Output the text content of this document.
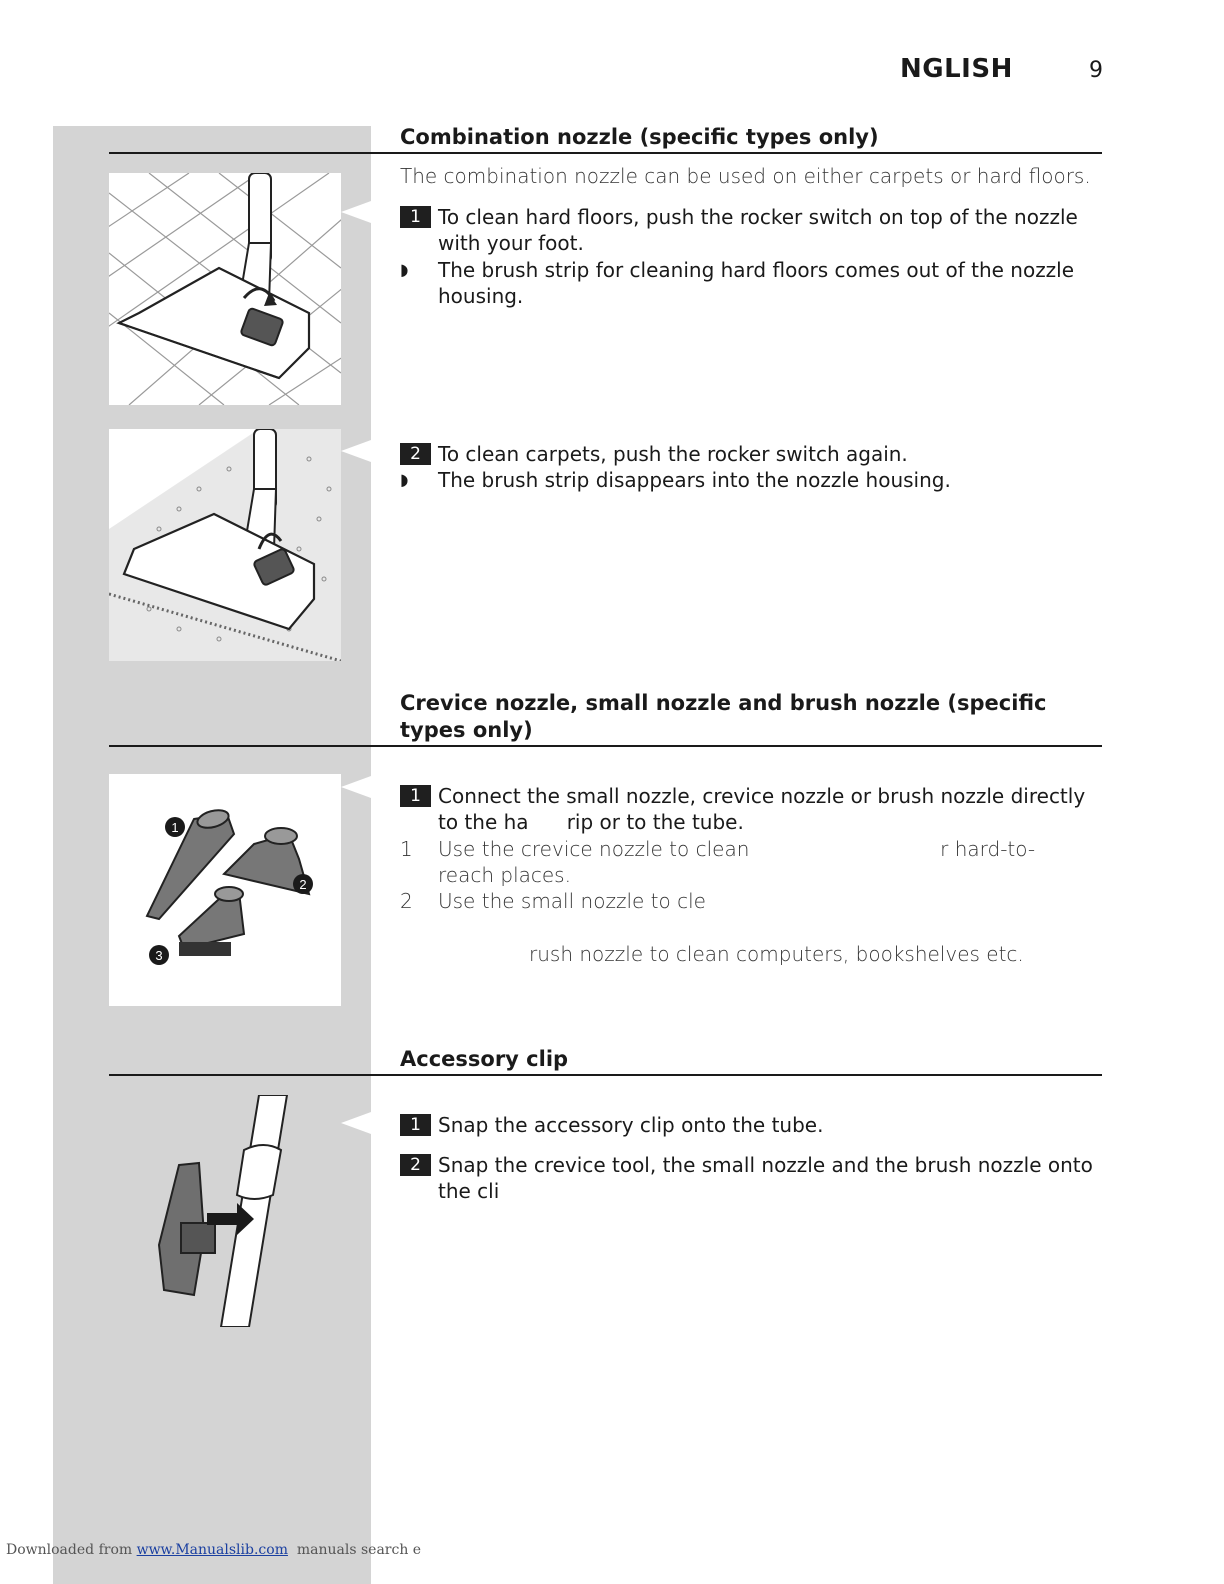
NGLISH	9
Combination nozzle (specific types only)
The combination nozzle can be used on either carpets or hard floors.
1 To clean hard floors, push the rocker switch on top of the nozzle with your foot.
◗	The brush strip for cleaning hard floors comes out of the nozzle housing.
2 To clean carpets, push the rocker switch again.
◗	The brush strip disappears into the nozzle housing.
Crevice nozzle, small nozzle and brush nozzle (specific types only)
1
2
3
1 Connect the small nozzle, crevice nozzle or brush nozzle directly to the ha      rip or to the tube.
1	Use the crevice nozzle to clean                              r hard-to-reach places.
2	Use the small nozzle to cle
rush nozzle to clean computers, bookshelves etc.
Accessory clip
1 Snap the accessory clip onto the tube.
2 Snap the crevice tool, the small nozzle and the brush nozzle onto the cli
Downloaded from www.Manualslib.com  manuals search e
